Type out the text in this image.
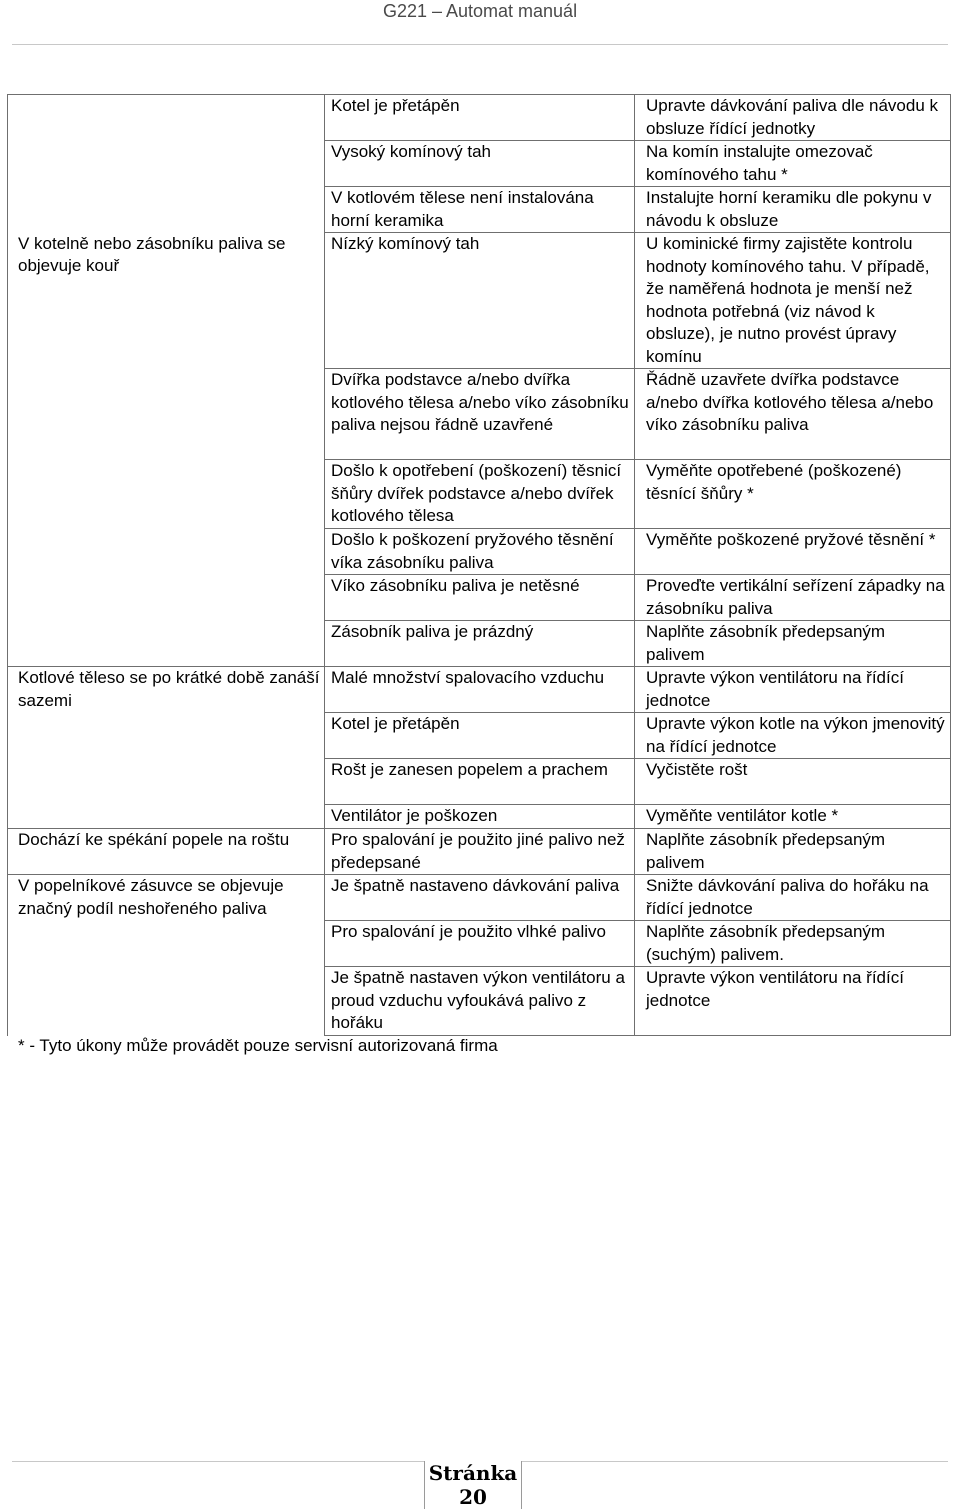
G221 – Automat manuál
	Kotel je přetápěn	Upravte dávkování paliva dle návodu k obsluze řídící jednotky
	Vysoký komínový tah	Na komín instalujte omezovač komínového tahu *
	V kotlovém tělese není instalována horní keramika	Instalujte horní keramiku dle pokynu v návodu k obsluze
V kotelně nebo zásobníku paliva se objevuje kouř	Nízký komínový tah	U kominické firmy zajistěte kontrolu hodnoty komínového tahu. V případě, že naměřená hodnota je menší než hodnota potřebná (viz návod k obsluze), je nutno provést úpravy komínu
	Dvířka podstavce a/nebo dvířka kotlového tělesa a/nebo víko zásobníku paliva nejsou řádně uzavřené	Řádně uzavřete dvířka podstavce a/nebo dvířka kotlového tělesa a/nebo víko zásobníku paliva
	Došlo k opotřebení (poškození) těsnicí šňůry dvířek podstavce a/nebo dvířek kotlového tělesa	Vyměňte opotřebené (poškozené) těsnící šňůry *
	Došlo k poškození pryžového těsnění víka zásobníku paliva	Vyměňte poškozené pryžové těsnění *
	Víko zásobníku paliva je netěsné	Proveďte vertikální seřízení západky na zásobníku paliva
	Zásobník paliva je prázdný	Naplňte zásobník předepsaným palivem
Kotlové těleso se po krátké době zanáší sazemi	Malé množství spalovacího vzduchu	Upravte výkon ventilátoru na řídící jednotce
	Kotel je přetápěn	Upravte výkon kotle na výkon jmenovitý na řídící jednotce
	Rošt je zanesen popelem a prachem	Vyčistěte rošt
	Ventilátor je poškozen	Vyměňte ventilátor kotle *
Dochází ke spékání popele na roštu	Pro spalování je použito jiné palivo než předepsané	Naplňte zásobník předepsaným palivem
V popelníkové zásuvce se objevuje značný podíl neshořeného paliva	Je špatně nastaveno dávkování paliva	Snižte dávkování paliva do hořáku na řídící jednotce
	Pro spalování je použito vlhké palivo	Naplňte zásobník předepsaným (suchým) palivem.
	Je špatně nastaven výkon ventilátoru a proud vzduchu vyfoukává palivo z hořáku	Upravte výkon ventilátoru na řídící jednotce
* - Tyto úkony může provádět pouze servisní autorizovaná firma
Stránka
20
